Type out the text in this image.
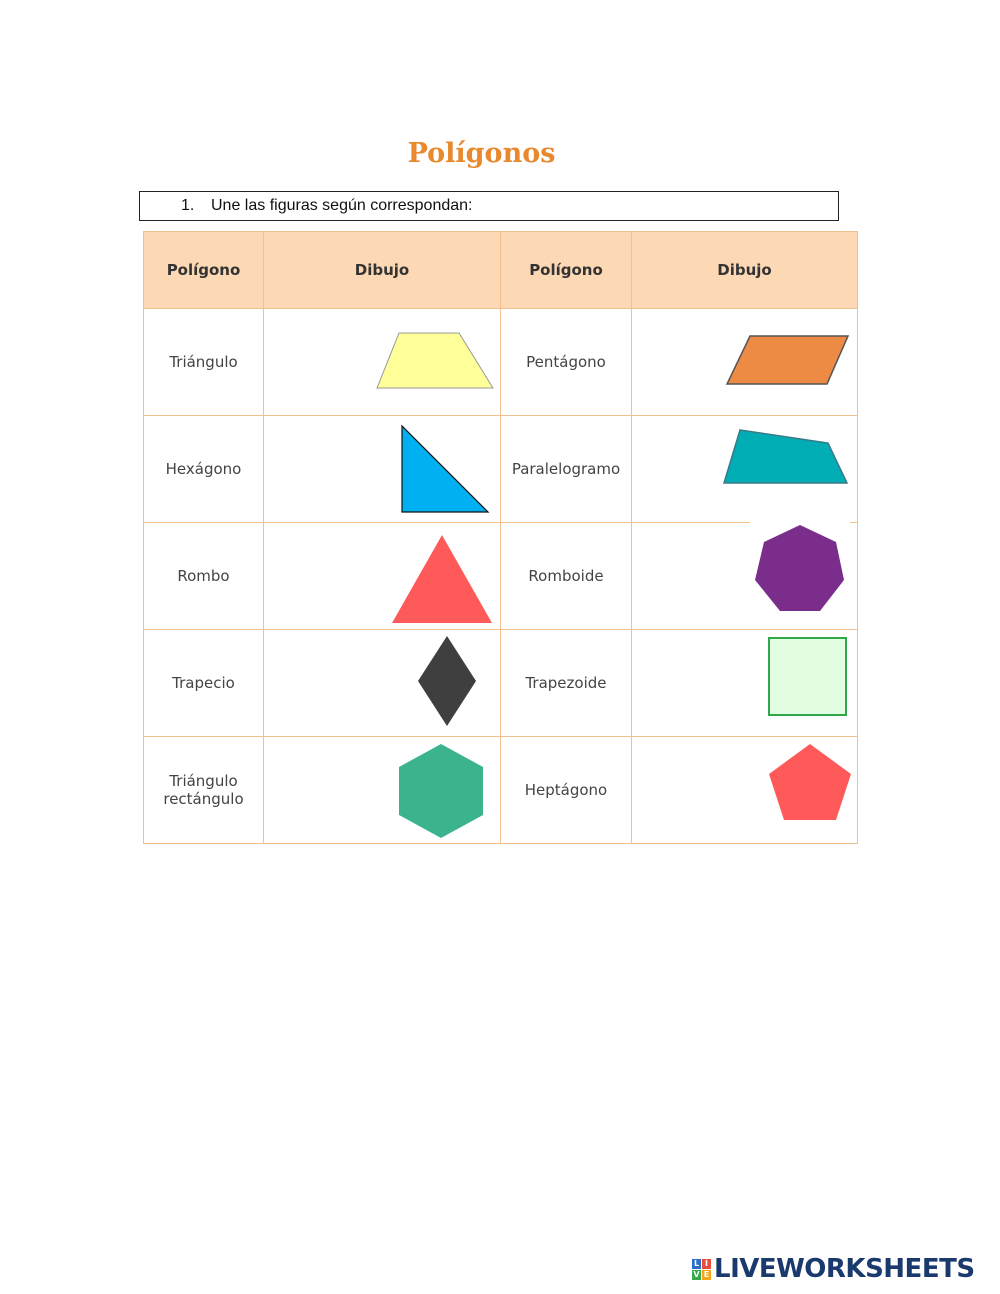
Polígonos
1.	Une las figuras según correspondan:
Polígono	Dibujo	Polígono	Dibujo
Triángulo		Pentágono	

Hexágono		Paralelogramo	

Rombo		Romboide	

Trapecio		Trapezoide	

Triángulo
rectángulo		Heptágono	
L I
V E LIVEWORKSHEETS
